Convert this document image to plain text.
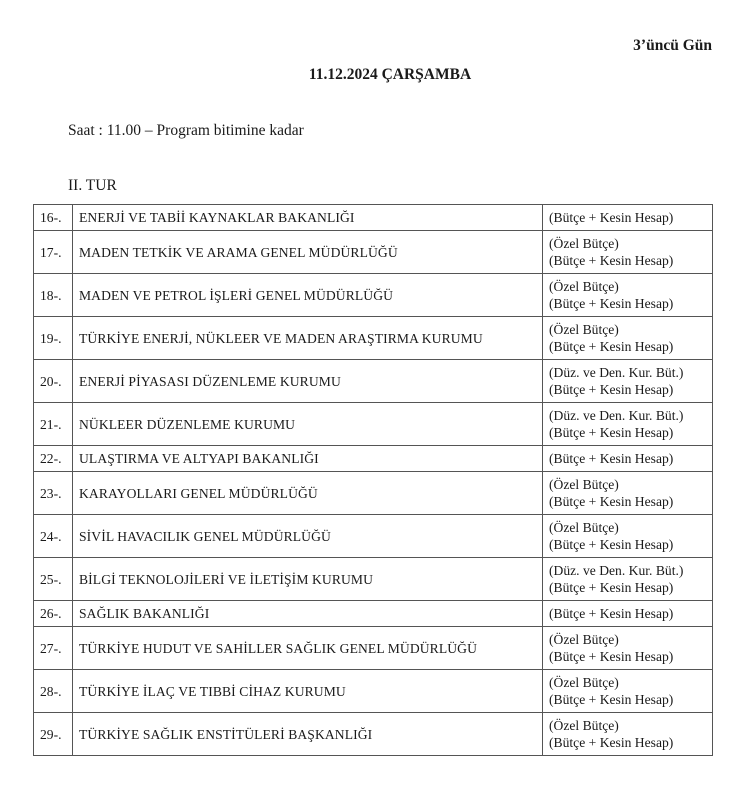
3’üncü Gün
11.12.2024 ÇARŞAMBA
Saat : 11.00 – Program bitimine kadar
II. TUR
16-.	ENERJİ VE TABİİ KAYNAKLAR BAKANLIĞI	(Bütçe + Kesin Hesap)

17-.	MADEN TETKİK VE ARAMA GENEL MÜDÜRLÜĞÜ	(Özel Bütçe)
(Bütçe + Kesin Hesap)

18-.	MADEN VE PETROL İŞLERİ GENEL MÜDÜRLÜĞÜ	(Özel Bütçe)
(Bütçe + Kesin Hesap)

19-.	TÜRKİYE ENERJİ, NÜKLEER VE MADEN ARAŞTIRMA KURUMU	(Özel Bütçe)
(Bütçe + Kesin Hesap)

20-.	ENERJİ PİYASASI DÜZENLEME KURUMU	(Düz. ve Den. Kur. Büt.)
(Bütçe + Kesin Hesap)

21-.	NÜKLEER DÜZENLEME KURUMU	(Düz. ve Den. Kur. Büt.)
(Bütçe + Kesin Hesap)

22-.	ULAŞTIRMA VE ALTYAPI BAKANLIĞI	(Bütçe + Kesin Hesap)

23-.	KARAYOLLARI GENEL MÜDÜRLÜĞÜ	(Özel Bütçe)
(Bütçe + Kesin Hesap)

24-.	SİVİL HAVACILIK GENEL MÜDÜRLÜĞÜ	(Özel Bütçe)
(Bütçe + Kesin Hesap)

25-.	BİLGİ TEKNOLOJİLERİ VE İLETİŞİM KURUMU	(Düz. ve Den. Kur. Büt.)
(Bütçe + Kesin Hesap)

26-.	SAĞLIK BAKANLIĞI	(Bütçe + Kesin Hesap)

27-.	TÜRKİYE HUDUT VE SAHİLLER SAĞLIK GENEL MÜDÜRLÜĞÜ	(Özel Bütçe)
(Bütçe + Kesin Hesap)

28-.	TÜRKİYE İLAÇ VE TIBBİ CİHAZ KURUMU	(Özel Bütçe)
(Bütçe + Kesin Hesap)

29-.	TÜRKİYE SAĞLIK ENSTİTÜLERİ BAŞKANLIĞI	(Özel Bütçe)
(Bütçe + Kesin Hesap)
